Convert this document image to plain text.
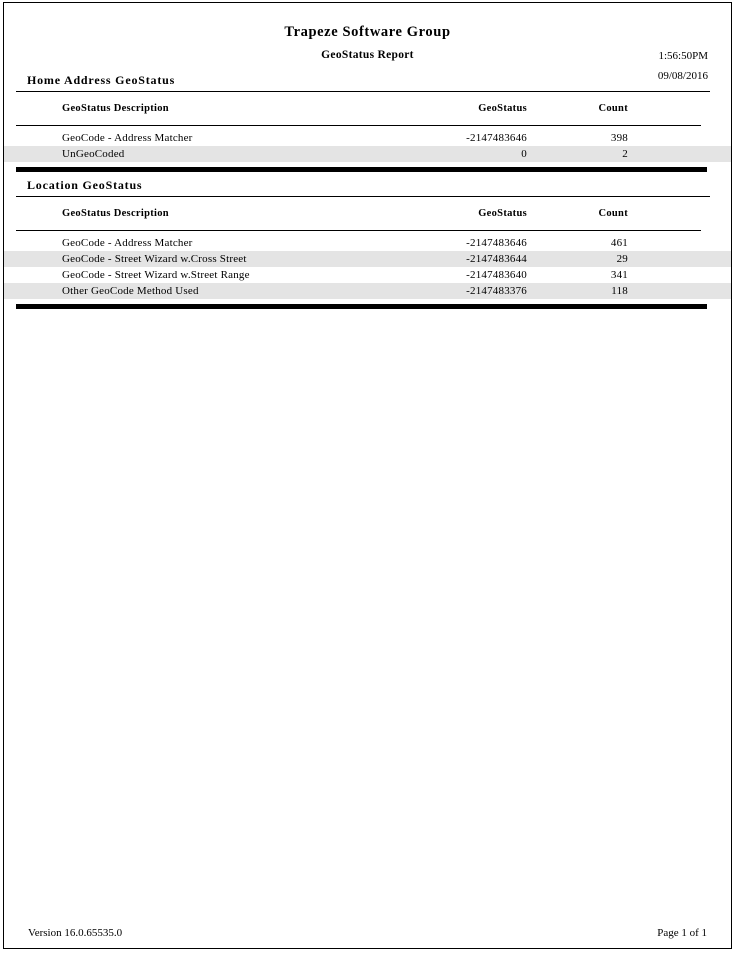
Trapeze Software Group
GeoStatus Report	1:56:50PM
09/08/2016
Home Address GeoStatus
GeoStatus Description	GeoStatus	Count	
GeoCode - Address Matcher	-2147483646	398	
UnGeoCoded	0	2	
Location GeoStatus
GeoStatus Description	GeoStatus	Count	
GeoCode - Address Matcher	-2147483646	461	
GeoCode - Street Wizard w.Cross Street	-2147483644	29	
GeoCode - Street Wizard w.Street Range	-2147483640	341	
Other GeoCode Method Used	-2147483376	118	
Version 16.0.65535.0	Page 1 of 1
